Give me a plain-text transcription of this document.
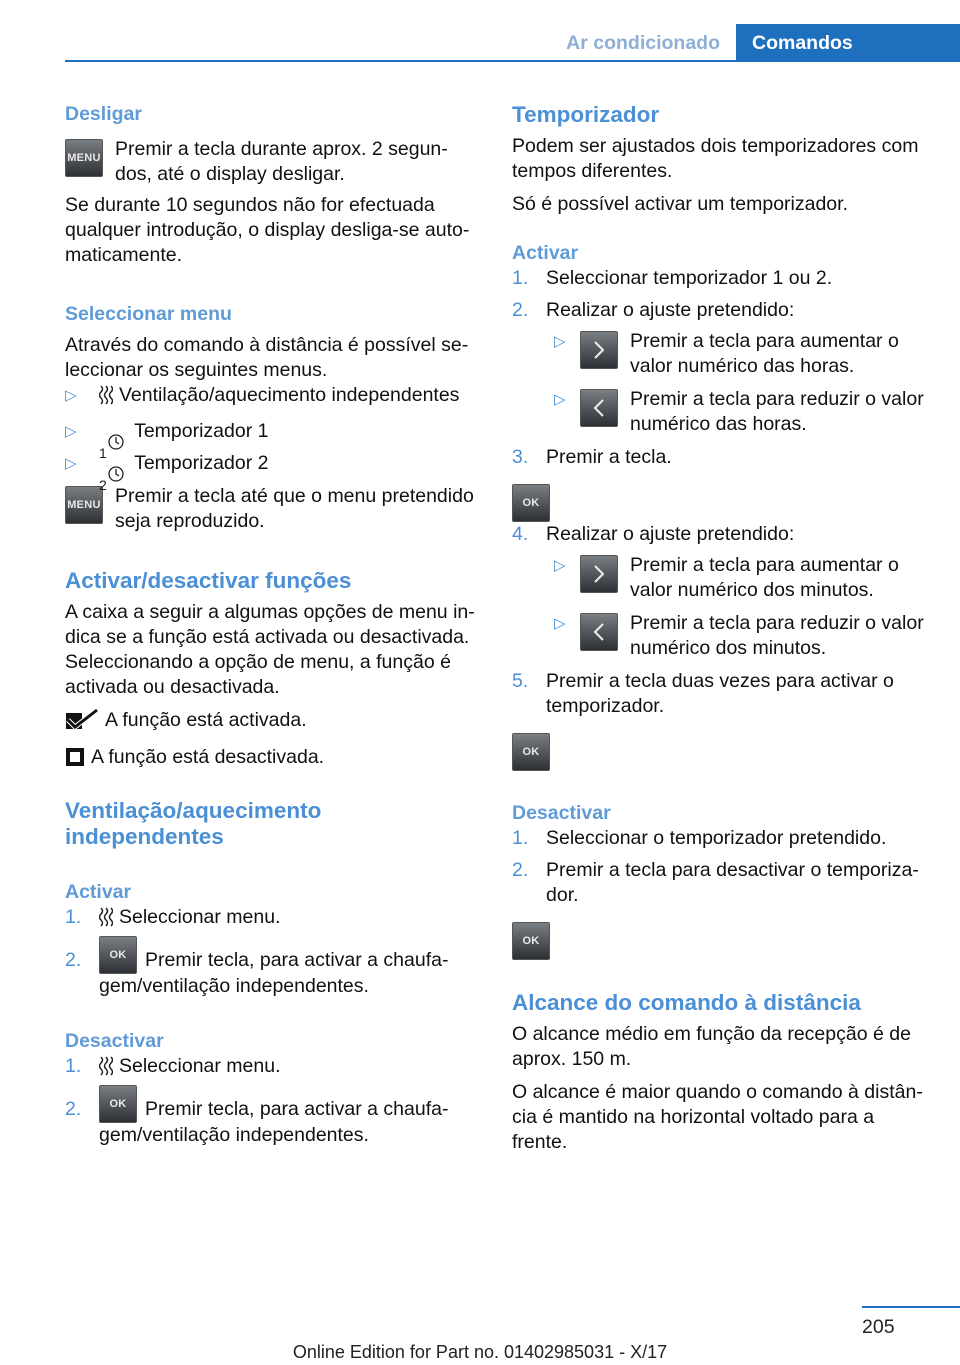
Ar condicionado	Comandos
Desligar
MENU Premir a tecla durante aprox. 2 segun-dos, até o display desligar.

Se durante 10 segundos não for efectuada qualquer introdução, o display desliga-se auto-maticamente.

Seleccionar menu

Através do comando à distância é possível se-leccionar os seguintes menus.

▷ Ventilação/aquecimento independentes
▷
1
Temporizador 1
▷
2
Temporizador 2
MENU Premir a tecla até que o menu pretendido seja reproduzido.

Activar/desactivar funções

A caixa a seguir a algumas opções de menu in-dica se a função está activada ou desactivada. Seleccionando a opção de menu, a função é activada ou desactivada.

A função está activada.

A função está desactivada.

Ventilação/aquecimento independentes
Activar
1. Seleccionar menu.
2.	OK Premir tecla, para activar a chaufa-gem/ventilação independentes.
Desactivar
1. Seleccionar menu.
2.	OK Premir tecla, para activar a chaufa-gem/ventilação independentes.
Temporizador

Podem ser ajustados dois temporizadores com tempos diferentes.

Só é possível activar um temporizador.

Activar
1. Seleccionar temporizador 1 ou 2.
2. Realizar o ajuste pretendido:
▷	Premir a tecla para aumentar o valor numérico das horas.
▷	Premir a tecla para reduzir o valor numérico das horas.
3. Premir a tecla.
OK
4. Realizar o ajuste pretendido:
▷	Premir a tecla para aumentar o valor numérico dos minutos.
▷	Premir a tecla para reduzir o valor numérico dos minutos.
5. Premir a tecla duas vezes para activar o temporizador.
OK
Desactivar
1. Seleccionar o temporizador pretendido.
2. Premir a tecla para desactivar o temporiza-dor.
OK
Alcance do comando à distância

O alcance médio em função da recepção é de aprox. 150 m.

O alcance é maior quando o comando à distân-cia é mantido na horizontal voltado para a frente.

205
Online Edition for Part no. 01402985031 - X/17
